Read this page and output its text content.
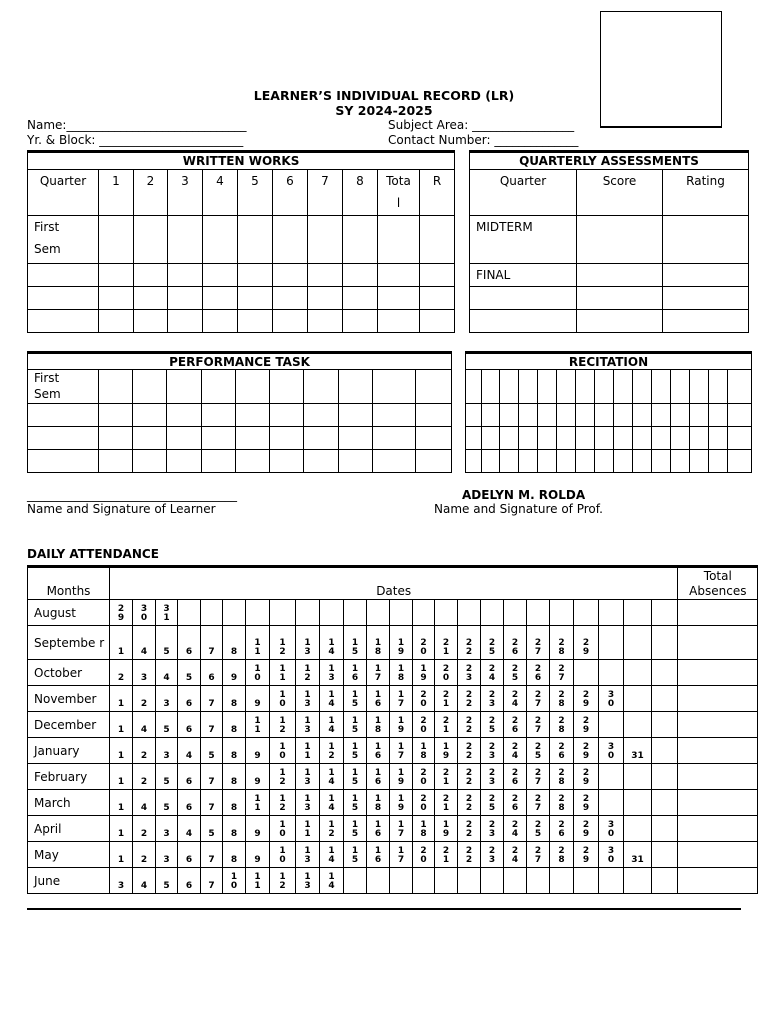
LEARNER’S INDIVIDUAL RECORD (LR)
SY 2024-2025
Name:______________________________
Yr. & Block: ________________________
Subject Area: _________________
Contact Number: ______________
WRITTEN WORKS										
Quarter	1	2	3	4	5	6	7	8	Tota
l	R

First
Sem										

QUARTERLY ASSESSMENTS		
Quarter	Score	Rating
MIDTERM		
FINAL		

PERFORMANCE TASK										

First
Sem										

RECITATION														

___________________________________
Name and Signature of Learner
ADELYN M. ROLDA
Name and Signature of Prof.
DAILY ATTENDANCE
Months	Dates																								Total
Absences

August	29	30	31																						
Septembe r	1	4	5	6	7	8	11	12	13	14	15	18	19	20	21	22	25	26	27	28	29				
October	2	3	4	5	6	9	10	11	12	13	16	17	18	19	20	23	24	25	26	27					
November	1	2	3	6	7	8	9	10	13	14	15	16	17	20	21	22	23	24	27	28	29	30			
December	1	4	5	6	7	8	11	12	13	14	15	18	19	20	21	22	25	26	27	28	29				
January	1	2	3	4	5	8	9	10	11	12	15	16	17	18	19	22	23	24	25	26	29	30	31		
February	1	2	5	6	7	8	9	12	13	14	15	16	19	20	21	22	23	26	27	28	29				
March	1	4	5	6	7	8	11	12	13	14	15	18	19	20	21	22	25	26	27	28	29				
April	1	2	3	4	5	8	9	10	11	12	15	16	17	18	19	22	23	24	25	26	29	30			
May	1	2	3	6	7	8	9	10	13	14	15	16	17	20	21	22	23	24	27	28	29	30	31		
June	3	4	5	6	7	10	11	12	13	14															
